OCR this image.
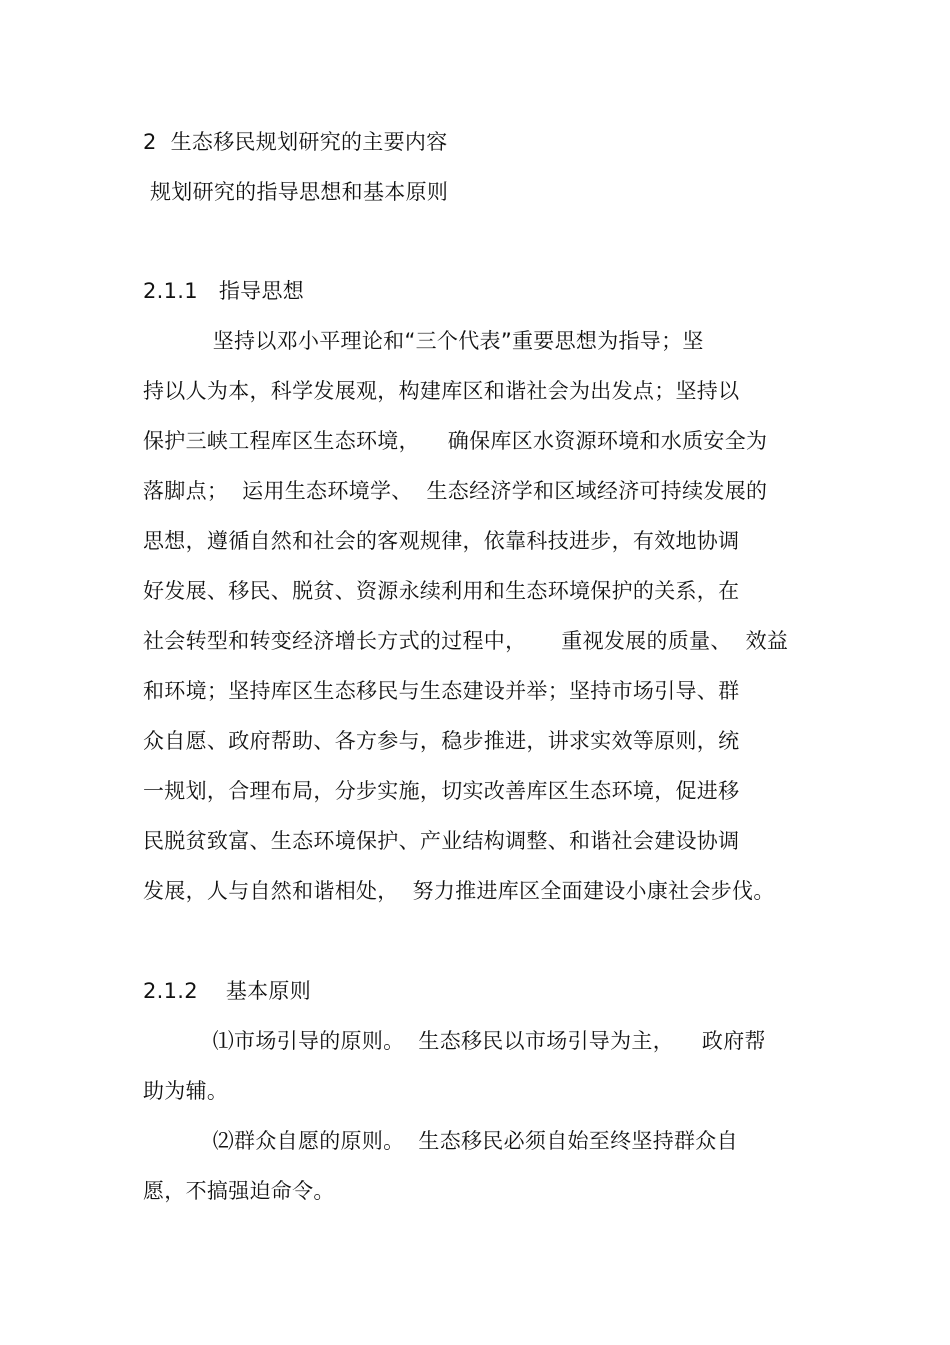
2  生态移民规划研究的主要内容
规划研究的指导思想和基本原则
2.1.1   指导思想
坚持以邓小平理论和“三个代表”重要思想为指导；坚
持以人为本，科学发展观，构建库区和谐社会为出发点；坚持以
保护三峡工程库区生态环境，    确保库区水资源环境和水质安全为
落脚点；  运用生态环境学、  生态经济学和区域经济可持续发展的
思想，遵循自然和社会的客观规律，依靠科技进步，有效地协调
好发展、移民、脱贫、资源永续利用和生态环境保护的关系，在
社会转型和转变经济增长方式的过程中，     重视发展的质量、  效益
和环境；坚持库区生态移民与生态建设并举；坚持市场引导、群
众自愿、政府帮助、各方参与，稳步推进，讲求实效等原则，统
一规划，合理布局，分步实施，切实改善库区生态环境，促进移
民脱贫致富、生态环境保护、产业结构调整、和谐社会建设协调
发展，人与自然和谐相处，  努力推进库区全面建设小康社会步伐。
2.1.2    基本原则
⑴市场引导的原则。  生态移民以市场引导为主，    政府帮
助为辅。
⑵群众自愿的原则。  生态移民必须自始至终坚持群众自
愿，不搞强迫命令。
